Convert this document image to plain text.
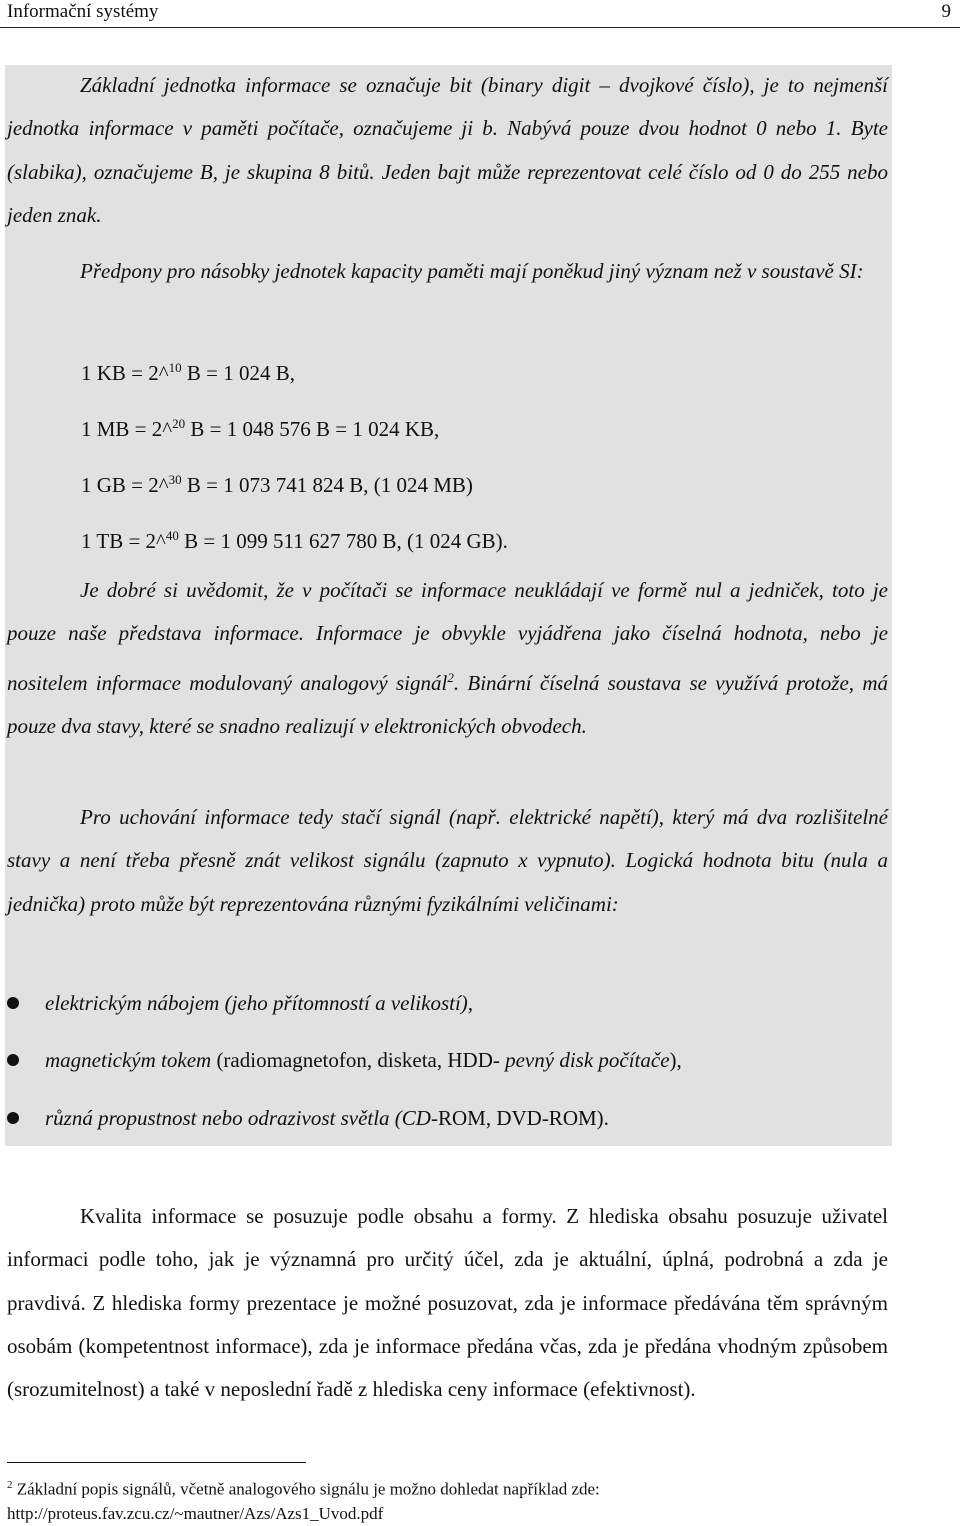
Informační systémy	9
Základní jednotka informace se označuje bit (binary digit – dvojkové číslo), je to nejmenší jednotka informace v paměti počítače, označujeme ji b. Nabývá pouze dvou hodnot 0 nebo 1. Byte (slabika), označujeme B, je skupina 8 bitů. Jeden bajt může reprezentovat celé číslo od 0 do 255 nebo jeden znak.
Předpony pro násobky jednotek kapacity paměti mají poněkud jiný význam než v soustavě SI:
1 KB = 2^$^{10}$ B = 1 024 B,
1 MB = 2^$^{20}$ B = 1 048 576 B = 1 024 KB,
1 GB = 2^$^{30}$ B = 1 073 741 824 B, (1 024 MB)
1 TB = 2^$^{40}$ B = 1 099 511 627 780 B, (1 024 GB).
Je dobré si uvědomit, že v počítači se informace neukládají ve formě nul a jedniček, toto je pouze naše představa informace. Informace je obvykle vyjádřena jako číselná hodnota, nebo je nositelem informace modulovaný analogový signál$^2$. Binární číselná soustava se využívá protože, má pouze dva stavy, které se snadno realizují v elektronických obvodech.
Pro uchování informace tedy stačí signál (např. elektrické napětí), který má dva rozlišitelné stavy a není třeba přesně znát velikost signálu (zapnuto x vypnuto). Logická hodnota bitu (nula a jednička) proto může být reprezentována různými fyzikálními veličinami:
elektrickým nábojem (jeho přítomností a velikostí),
magnetickým tokem (radiomagnetofon, disketa, HDD- pevný disk počítače),
různá propustnost nebo odrazivost světla (CD-ROM, DVD-ROM).
Kvalita informace se posuzuje podle obsahu a formy. Z hlediska obsahu posuzuje uživatel informaci podle toho, jak je významná pro určitý účel, zda je aktuální, úplná, podrobná a zda je pravdivá. Z hlediska formy prezentace je možné posuzovat, zda je informace předávána těm správným osobám (kompetentnost informace), zda je informace předána včas, zda je předána vhodným způsobem (srozumitelnost) a také v neposlední řadě z hlediska ceny informace (efektivnost).
$^2$ Základní popis signálů, včetně analogového signálu je možno dohledat například zde:
http://proteus.fav.zcu.cz/~mautner/Azs/Azs1_Uvod.pdf
